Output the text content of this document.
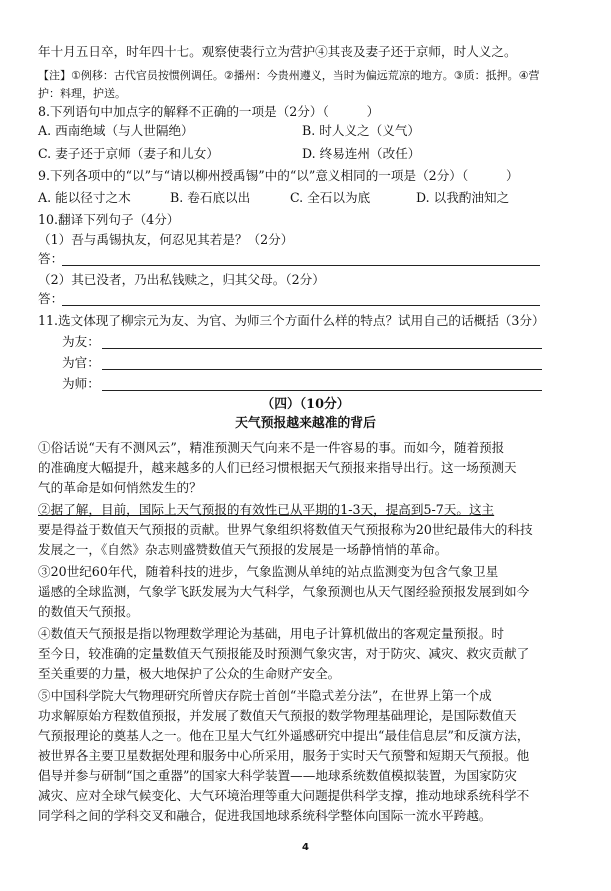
年十月五日卒，时年四十七。观察使裴行立为营护④其丧及妻子还于京师，时人义之。
【注】①例移：古代官员按惯例调任。②播州：今贵州遵义，当时为偏远荒凉的地方。③质：抵押。④营
护：料理，护送。
8.下列语句中加点字的解释不正确的一项是（2分）（　　　）
A. 西南绝域（与人世隔绝）	B. 时人义之（义气）
C. 妻子还于京师（妻子和儿女）	D. 终易连州（改任）
9.下列各项中的“以”与“请以柳州授禹锡”中的“以”意义相同的一项是（2分）（　　　）
A. 能以径寸之木	B. 卷石底以出	C. 全石以为底	D. 以我酌油知之
10.翻译下列句子（4分）
（1）吾与禹锡执友，何忍见其若是？（2分）
答：
（2）其已没者，乃出私钱赎之，归其父母。（2分）
答：
11.选文体现了柳宗元为友、为官、为师三个方面什么样的特点？试用自己的话概括（3分）
为友：
为官：
为师：
（四）（10分）
天气预报越来越准的背后
①俗话说“天有不测风云”，精准预测天气向来不是一件容易的事。而如今，随着预报
的准确度大幅提升，越来越多的人们已经习惯根据天气预报来指导出行。这一场预测天
气的革命是如何悄然发生的？
②据了解，目前，国际上天气预报的有效性已从平期的1-3天，提高到5-7天。这主
要是得益于数值天气预报的贡献。世界气象组织将数值天气预报称为20世纪最伟大的科技
发展之一，《自然》杂志则盛赞数值天气预报的发展是一场静悄悄的革命。
③20世纪60年代，随着科技的进步，气象监测从单纯的站点监测变为包含气象卫星
遥感的全球监测，气象学飞跃发展为大气科学，气象预测也从天气图经验预报发展到如今
的数值天气预报。
④数值天气预报是指以物理数学理论为基础，用电子计算机做出的客观定量预报。时
至今日，较准确的定量数值天气预报能及时预测气象灾害，对于防灾、减灾、救灾贡献了
至关重要的力量，极大地保护了公众的生命财产安全。
⑤中国科学院大气物理研究所曾庆存院士首创“半隐式差分法”，在世界上第一个成
功求解原始方程数值预报，并发展了数值天气预报的数学物理基础理论，是国际数值天
气预报理论的奠基人之一。他在卫星大气红外遥感研究中提出“最佳信息层”和反演方法，
被世界各主要卫星数据处理和服务中心所采用，服务于实时天气预警和短期天气预报。他
倡导并参与研制“国之重器”的国家大科学装置——地球系统数值模拟装置，为国家防灾
减灾、应对全球气候变化、大气环境治理等重大问题提供科学支撑，推动地球系统科学不
同学科之间的学科交叉和融合，促进我国地球系统科学整体向国际一流水平跨越。
4
